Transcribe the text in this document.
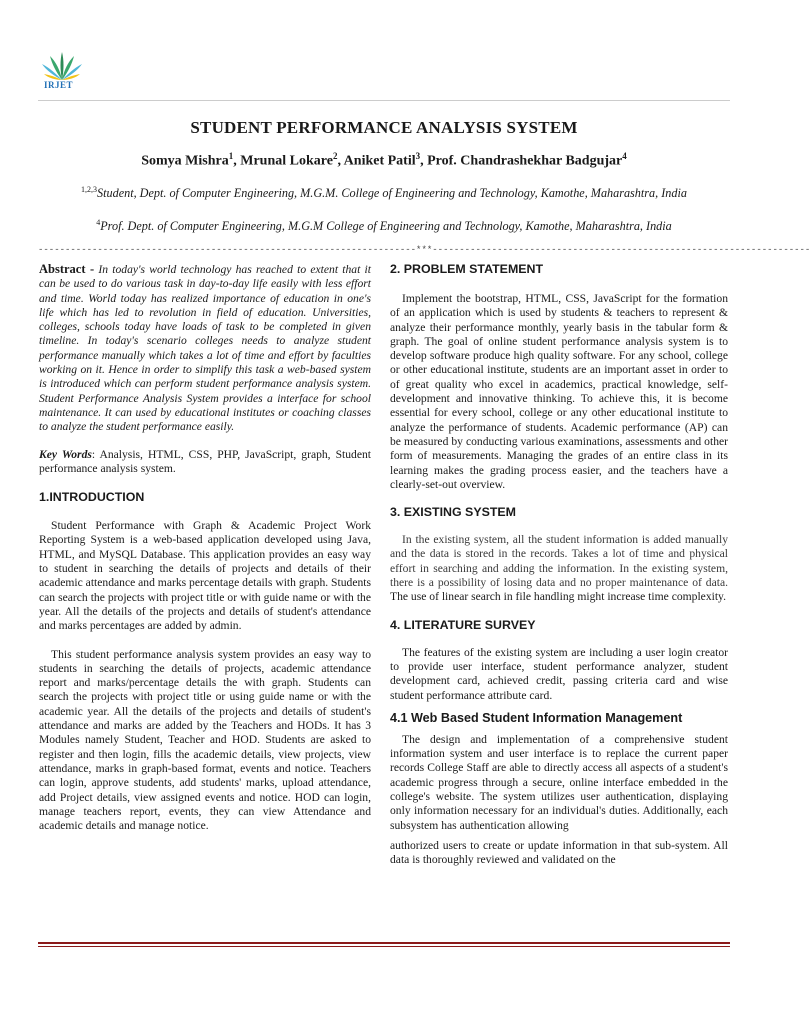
IRJET
STUDENT PERFORMANCE ANALYSIS SYSTEM
Somya Mishra$^1$, Mrunal Lokare$^2$, Aniket Patil$^3$, Prof. Chandrashekhar Badgujar$^4$
$^{1,2,3}$Student, Dept. of Computer Engineering, M.G.M. College of Engineering and Technology, Kamothe, Maharashtra, India
$^4$Prof. Dept. of Computer Engineering, M.G.M College of Engineering and Technology, Kamothe, Maharashtra, India
----------------------------------------------------------------------***----------------------------------------------------------------------

Abstract - In today's world technology has reached to extent that it can be used to do various task in day-to-day life easily with less effort and time. World today has realized importance of education in one's life which has led to revolution in field of education. Universities, colleges, schools today have loads of task to be completed in given timeline. In today's scenario colleges needs to analyze student performance manually which takes a lot of time and effort by faculties working on it. Hence in order to simplify this task a web-based system is introduced which can perform student performance analysis system. Student Performance Analysis System provides a interface for school maintenance. It can used by educational institutes or coaching classes to analyze the student performance easily.

Key Words: Analysis, HTML, CSS, PHP, JavaScript, graph, Student performance analysis system.

1.INTRODUCTION

Student Performance with Graph & Academic Project Work Reporting System is a web-based application developed using Java, HTML, and MySQL Database. This application provides an easy way to student in searching the details of projects and details of their academic attendance and marks percentage details with graph. Students can search the projects with project title or with guide name or with the year. All the details of the projects and details of student's attendance and marks percentages are added by admin.

This student performance analysis system provides an easy way to students in searching the details of projects, academic attendance report and marks/percentage details the with graph. Students can search the projects with project title or using guide name or with the academic year. All the details of the projects and details of student's attendance and marks are added by the Teachers and HODs. It has 3 Modules namely Student, Teacher and HOD. Students are asked to register and then login, fills the academic details, view projects, view attendance, marks in graph-based format, events and notice. Teachers can login, approve students, add students' marks, upload attendance, add Project details, view assigned events and notice. HOD can login, manage teachers report, events, they can view Attendance and academic details and manage notice.

2. PROBLEM STATEMENT

Implement the bootstrap, HTML, CSS, JavaScript for the formation of an application which is used by students & teachers to represent & analyze their performance monthly, yearly basis in the tabular form & graph. The goal of online student performance analysis system is to develop software produce high quality software. For any school, college or other educational institute, students are an important asset in order to of great quality who excel in academics, practical knowledge, self-development and innovative thinking. To achieve this, it is become essential for every school, college or any other educational institute to analyze the performance of students. Academic performance (AP) can be measured by conducting various examinations, assessments and other form of measurements. Managing the grades of an entire class in its learning makes the grading process easier, and the teachers have a clearly-set-out overview.

3. EXISTING SYSTEM

In the existing system, all the student information is added manually and the data is stored in the records. Takes a lot of time and physical effort in searching and adding the information. In the existing system, there is a possibility of losing data and no proper maintenance of data. The use of linear search in file handling might increase time complexity.

4. LITERATURE SURVEY

The features of the existing system are including a user login creator to provide user interface, student performance analyzer, student development card, achieved credit, passing criteria card and wise student performance attribute card.

4.1 Web Based Student Information Management

The design and implementation of a comprehensive student information system and user interface is to replace the current paper records College Staff are able to directly access all aspects of a student's academic progress through a secure, online interface embedded in the college's website. The system utilizes user authentication, displaying only information necessary for an individual's duties. Additionally, each subsystem has authentication allowing

authorized users to create or update information in that sub-system. All data is thoroughly reviewed and validated on the
